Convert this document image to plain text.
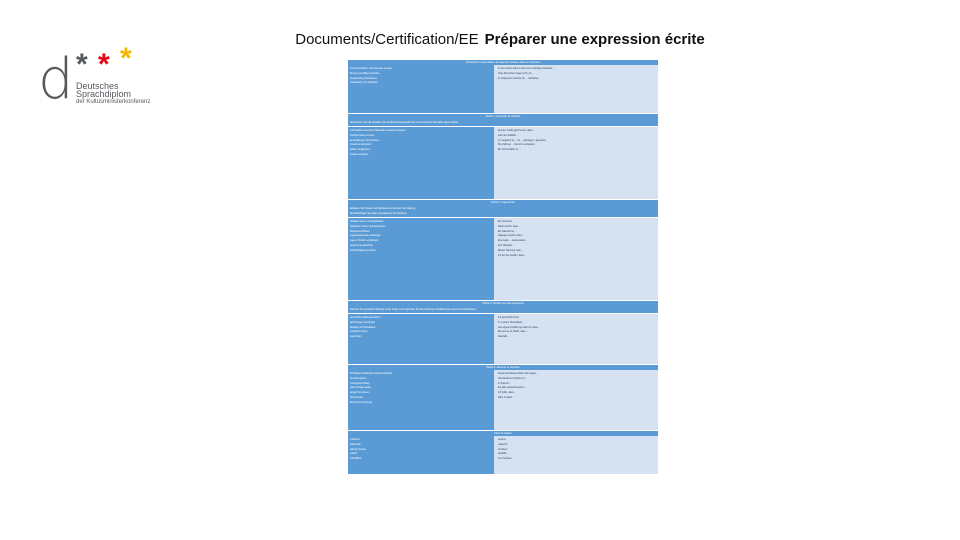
d * * *
Deutsches
Sprachdiplom
der Kultusministerkonferenz
Documents/Certification/EE Préparer une expression écrite
Introduction: présentation du sujet de manière claire et motivante
Thema einführen und Interesse wecken
Bezug zum Alltag herstellen
Fragestellung formulieren
Überleitung zum Hauptteil
In den letzten Jahren wird immer häufiger diskutiert, ...
Viele Menschen fragen sich, ob ...
Im Folgenden möchte ich ... darstellen.
Partie 1: présenter la situation
Beschreiben Sie die Situation, die im Material dargestellt wird, und verwenden Sie dabei eigene Worte.
Informationen aus den Materialien zusammenfassen
wichtige Daten nennen
Entwicklungen beschreiben
Ursachen darstellen
Zahlen vergleichen
Quellen angeben
Aus der Grafik geht hervor, dass ...
Laut der Statistik ...
Im Vergleich zu ... ist ... gestiegen / gesunken.
Die Zahl der ... hat sich verdoppelt.
Ein Grund dafür ist ...
Partie 2: argumenter
Erläutern Sie Vorteile und Nachteile und nehmen Sie Stellung.
Berücksichtigen Sie dabei verschiedene Perspektiven.
Vorteile nennen und begründen
Nachteile nennen und begründen
Beispiele anführen
Gegenargumente widerlegen
eigene Position entwickeln
Argumente gewichten
Schlussfolgerung ziehen
Ein Vorteil ist ...
Dafür spricht, dass ...
Ein Nachteil ist ...
Dagegen spricht, dass ...
Einerseits ... andererseits ...
Zum Beispiel ...
Meiner Meinung nach ...
Ich bin der Ansicht, dass ...
Partie 3: donner son avis personnel
Nehmen Sie persönlich Stellung zu der Frage und begründen Sie Ihre Meinung mit Erfahrungen aus Ihrem Heimatland.
persönliche Meinung äußern
Erfahrungen einbringen
Situation im Heimatland
Vergleich ziehen
begründen
Ich persönlich finde ...
In meinem Heimatland ...
Aus eigener Erfahrung weiß ich, dass ...
Bei uns ist es üblich, dass ...
Deshalb ...
Partie 4: résumer et conclure
Wichtigste Gedanken zusammenfassen
Ausblick geben
Lösungsvorschlag
offene Frage stellen
Appell formulieren
Schlusssatz
Bezug zur Einleitung
Zusammenfassend lässt sich sagen, ...
Abschließend möchte ich ...
In Zukunft ...
Es wäre wünschenswert, ...
Ich hoffe, dass ...
Alles in allem ...
Mots de liaison
zunächst
außerdem
darüber hinaus
jedoch
schließlich
erstens
weiterhin
trotzdem
deshalb
zum Schluss
